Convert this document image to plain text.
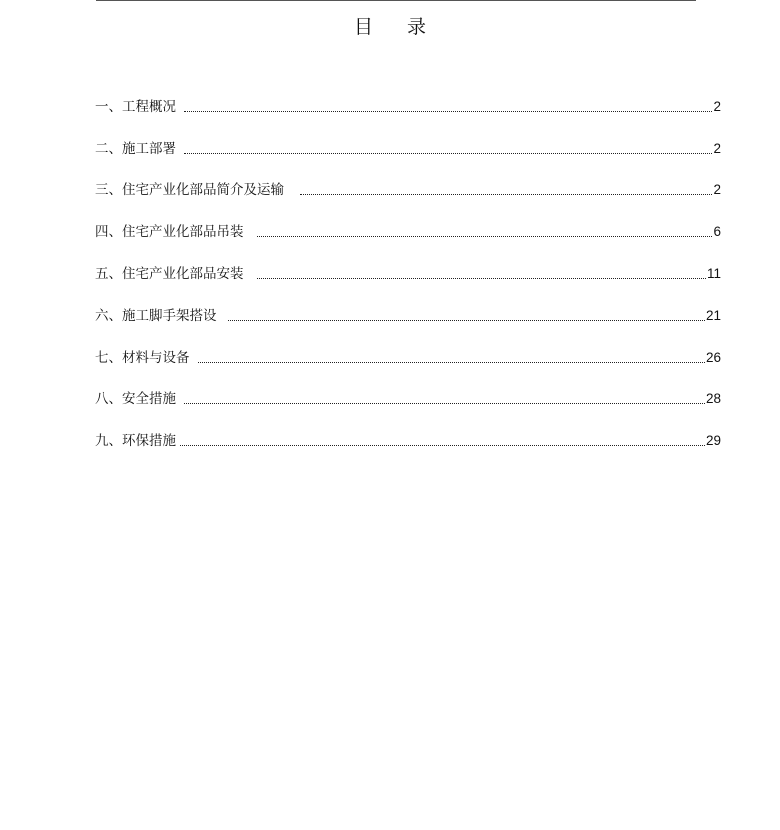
目 录
一、工程概况	2
二、施工部署	2
三、住宅产业化部品简介及运输	2
四、住宅产业化部品吊装	6
五、住宅产业化部品安装	11
六、施工脚手架搭设	21
七、材料与设备	26
八、安全措施	28
九、环保措施	29
